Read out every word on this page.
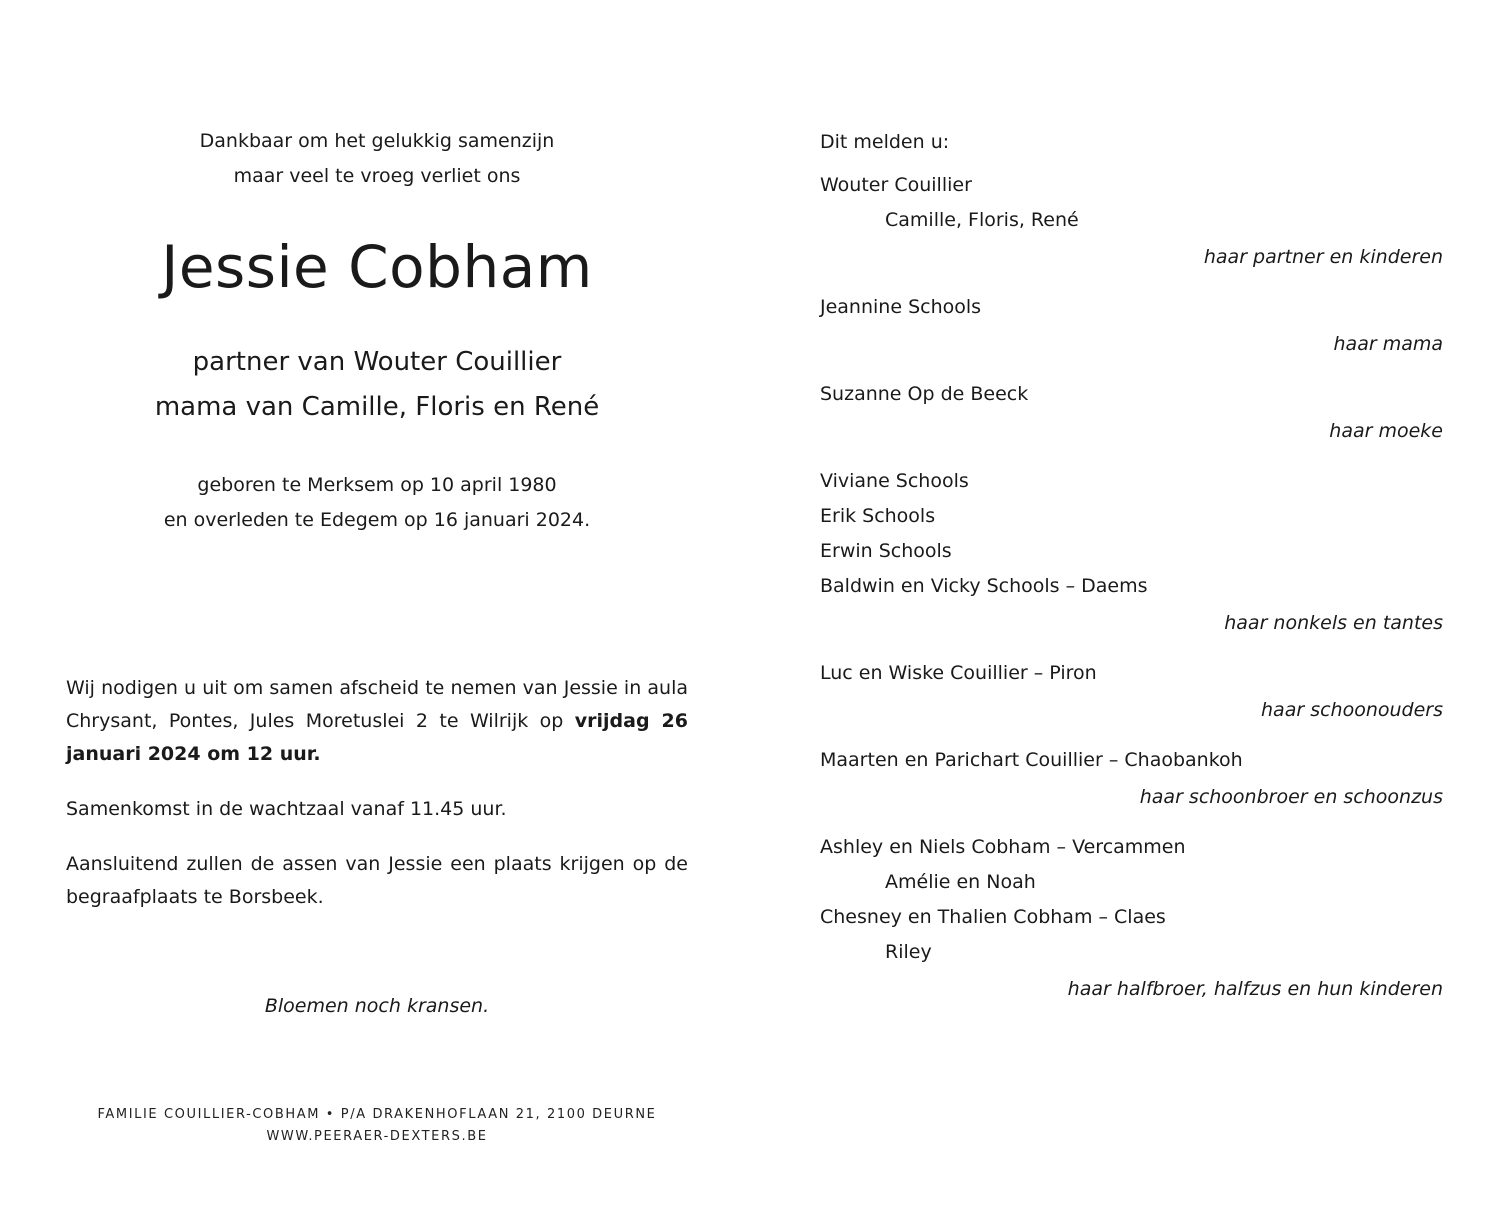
Dankbaar om het gelukkig samenzijn
maar veel te vroeg verliet ons
Jessie Cobham
partner van Wouter Couillier
mama van Camille, Floris en René
geboren te Merksem op 10 april 1980
en overleden te Edegem op 16 januari 2024.

Wij nodigen u uit om samen afscheid te nemen van Jessie in aula Chrysant, Pontes, Jules Moretuslei 2 te Wilrijk op vrijdag 26 januari 2024 om 12 uur.

Samenkomst in de wachtzaal vanaf 11.45 uur.

Aansluitend zullen de assen van Jessie een plaats krijgen op de begraafplaats te Borsbeek.

Bloemen noch kransen.
FAMILIE COUILLIER-COBHAM • P/A DRAKENHOFLAAN 21, 2100 DEURNE
WWW.PEERAER-DEXTERS.BE
Dit melden u:
Wouter Couillier
Camille, Floris, René
haar partner en kinderen
Jeannine Schools
haar mama
Suzanne Op de Beeck
haar moeke
Viviane Schools
Erik Schools
Erwin Schools
Baldwin en Vicky Schools – Daems
haar nonkels en tantes
Luc en Wiske Couillier – Piron
haar schoonouders
Maarten en Parichart Couillier – Chaobankoh
haar schoonbroer en schoonzus
Ashley en Niels Cobham – Vercammen
Amélie en Noah
Chesney en Thalien Cobham – Claes
Riley
haar halfbroer, halfzus en hun kinderen
